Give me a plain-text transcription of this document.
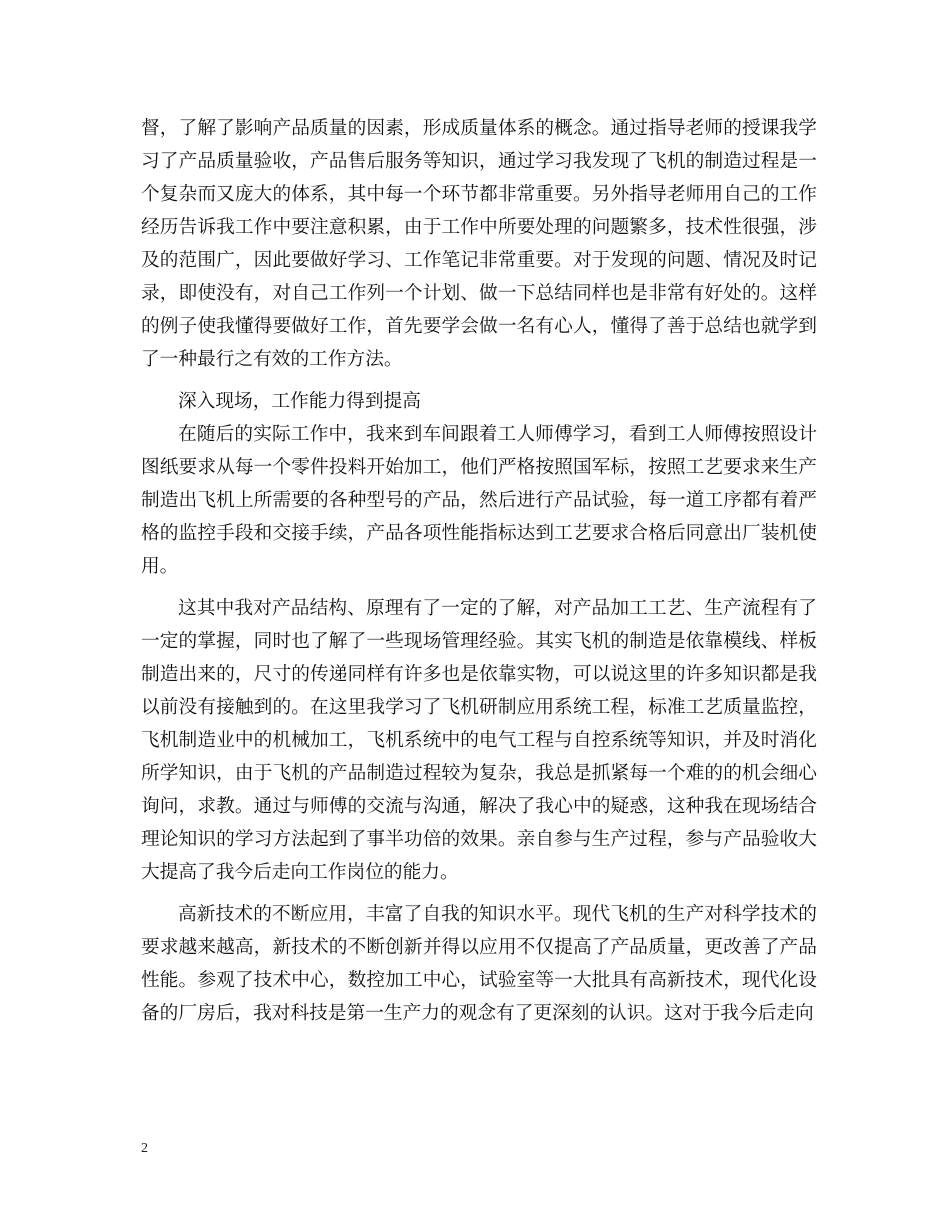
督，了解了影响产品质量的因素，形成质量体系的概念。通过指导老师的授课我学习了产品质量验收，产品售后服务等知识，通过学习我发现了飞机的制造过程是一个复杂而又庞大的体系，其中每一个环节都非常重要。另外指导老师用自己的工作经历告诉我工作中要注意积累，由于工作中所要处理的问题繁多，技术性很强，涉及的范围广，因此要做好学习、工作笔记非常重要。对于发现的问题、情况及时记录，即使没有，对自己工作列一个计划、做一下总结同样也是非常有好处的。这样的例子使我懂得要做好工作，首先要学会做一名有心人，懂得了善于总结也就学到了一种最行之有效的工作方法。

深入现场，工作能力得到提高

在随后的实际工作中，我来到车间跟着工人师傅学习，看到工人师傅按照设计图纸要求从每一个零件投料开始加工，他们严格按照国军标，按照工艺要求来生产制造出飞机上所需要的各种型号的产品，然后进行产品试验，每一道工序都有着严格的监控手段和交接手续，产品各项性能指标达到工艺要求合格后同意出厂装机使用。

这其中我对产品结构、原理有了一定的了解，对产品加工工艺、生产流程有了一定的掌握，同时也了解了一些现场管理经验。其实飞机的制造是依靠模线、样板制造出来的，尺寸的传递同样有许多也是依靠实物，可以说这里的许多知识都是我以前没有接触到的。在这里我学习了飞机研制应用系统工程，标准工艺质量监控，飞机制造业中的机械加工，飞机系统中的电气工程与自控系统等知识，并及时消化所学知识，由于飞机的产品制造过程较为复杂，我总是抓紧每一个难的的机会细心询问，求教。通过与师傅的交流与沟通，解决了我心中的疑惑，这种我在现场结合理论知识的学习方法起到了事半功倍的效果。亲自参与生产过程，参与产品验收大大提高了我今后走向工作岗位的能力。

高新技术的不断应用，丰富了自我的知识水平。现代飞机的生产对科学技术的要求越来越高，新技术的不断创新并得以应用不仅提高了产品质量，更改善了产品性能。参观了技术中心，数控加工中心，试验室等一大批具有高新技术，现代化设备的厂房后，我对科技是第一生产力的观念有了更深刻的认识。这对于我今后走向

2
